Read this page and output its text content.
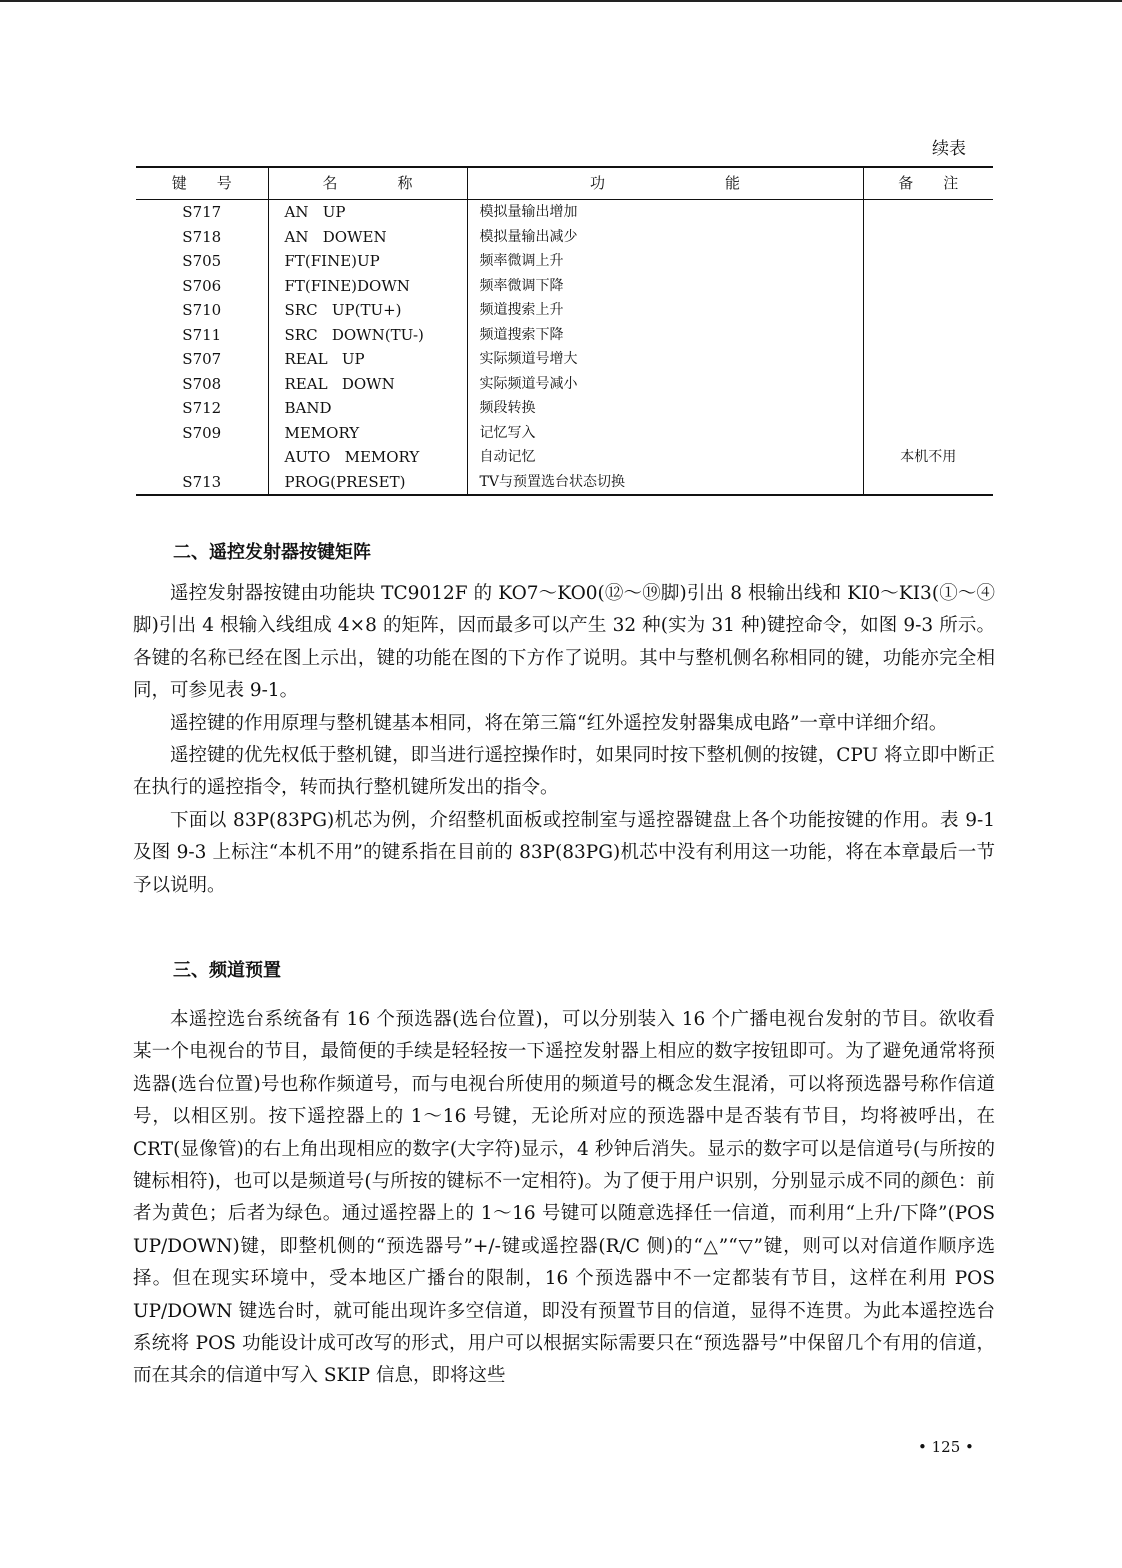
续表
键　　号	名　　　　称	功　　　　　　　　能	备　　注
S717	AN   UP	模拟量输出增加	
S718	AN   DOWEN	模拟量输出减少	
S705	FT(FINE)UP	频率微调上升	
S706	FT(FINE)DOWN	频率微调下降	
S710	SRC   UP(TU+)	频道搜索上升	
S711	SRC   DOWN(TU-)	频道搜索下降	
S707	REAL   UP	实际频道号增大	
S708	REAL   DOWN	实际频道号减小	
S712	BAND	频段转换	
S709	MEMORY	记忆写入	
	AUTO   MEMORY	自动记忆	本机不用
S713	PROG(PRESET)	TV与预置选台状态切换	
二、遥控发射器按键矩阵

遥控发射器按键由功能块 TC9012F 的 KO7～KO0(⑫～⑲脚)引出 8 根输出线和 KI0～KI3(①～④脚)引出 4 根输入线组成 4×8 的矩阵，因而最多可以产生 32 种(实为 31 种)键控命令，如图 9-3 所示。各键的名称已经在图上示出，键的功能在图的下方作了说明。其中与整机侧名称相同的键，功能亦完全相同，可参见表 9-1。

遥控键的作用原理与整机键基本相同，将在第三篇“红外遥控发射器集成电路”一章中详细介绍。

遥控键的优先权低于整机键，即当进行遥控操作时，如果同时按下整机侧的按键，CPU 将立即中断正在执行的遥控指令，转而执行整机键所发出的指令。

下面以 83P(83PG)机芯为例，介绍整机面板或控制室与遥控器键盘上各个功能按键的作用。表 9-1 及图 9-3 上标注“本机不用”的键系指在目前的 83P(83PG)机芯中没有利用这一功能，将在本章最后一节予以说明。

三、频道预置

本遥控选台系统备有 16 个预选器(选台位置)，可以分别装入 16 个广播电视台发射的节目。欲收看某一个电视台的节目，最简便的手续是轻轻按一下遥控发射器上相应的数字按钮即可。为了避免通常将预选器(选台位置)号也称作频道号，而与电视台所使用的频道号的概念发生混淆，可以将预选器号称作信道号，以相区别。按下遥控器上的 1～16 号键，无论所对应的预选器中是否装有节目，均将被呼出，在 CRT(显像管)的右上角出现相应的数字(大字符)显示，4 秒钟后消失。显示的数字可以是信道号(与所按的键标相符)，也可以是频道号(与所按的键标不一定相符)。为了便于用户识别，分别显示成不同的颜色：前者为黄色；后者为绿色。通过遥控器上的 1～16 号键可以随意选择任一信道，而利用“上升/下降”(POS　UP/DOWN)键，即整机侧的“预选器号”+/-键或遥控器(R/C 侧)的“△”“▽”键，则可以对信道作顺序选择。但在现实环境中，受本地区广播台的限制，16 个预选器中不一定都装有节目，这样在利用 POS　UP/DOWN 键选台时，就可能出现许多空信道，即没有预置节目的信道，显得不连贯。为此本遥控选台系统将 POS 功能设计成可改写的形式，用户可以根据实际需要只在“预选器号”中保留几个有用的信道，而在其余的信道中写入 SKIP 信息，即将这些

• 125 •
